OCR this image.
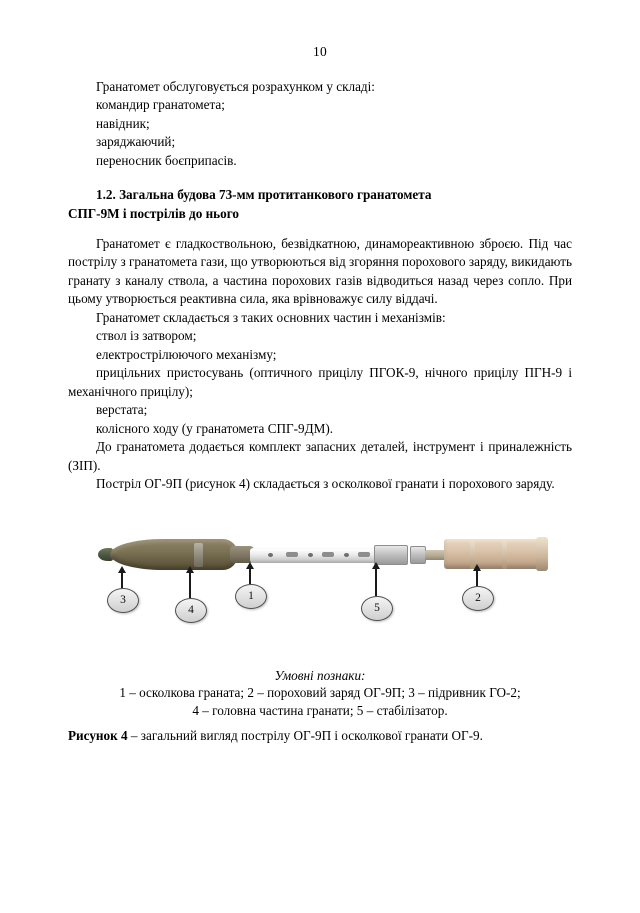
10

Гранатомет обслуговується розрахунком у складі:

командир гранатомета;

навідник;

заряджаючий;

переносник боєприпасів.

1.2. Загальна будова 73-мм протитанкового гранатомета
СПГ-9М і пострілів до нього

Гранатомет є гладкоствольною, безвідкатною, динамореактивною зброєю. Під час пострілу з гранатомета гази, що утворюються від згоряння порохового заряду, викидають гранату з каналу ствола, а частина порохових газів відводиться назад через сопло. При цьому утворюється реактивна сила, яка врівноважує силу віддачі.

Гранатомет складається з таких основних частин і механізмів:

ствол із затвором;

електрострілюючого механізму;

прицільних пристосувань (оптичного прицілу ПГОК-9, нічного прицілу ПГН-9 і механічного прицілу);

верстата;

колісного ходу (у гранатомета СПГ-9ДМ).

До гранатомета додається комплект запасних деталей, інструмент і приналежність (ЗІП).

Постріл ОГ-9П (рисунок 4) складається з осколкової гранати і порохового заряду.

3
4
1
5
2
Умовні познаки:
1 – осколкова граната; 2 – пороховий заряд ОГ-9П; 3 – підривник ГО-2;
4 – головна частина гранати; 5 – стабілізатор.
Рисунок 4 – загальний вигляд пострілу ОГ-9П і осколкової гранати ОГ-9.
